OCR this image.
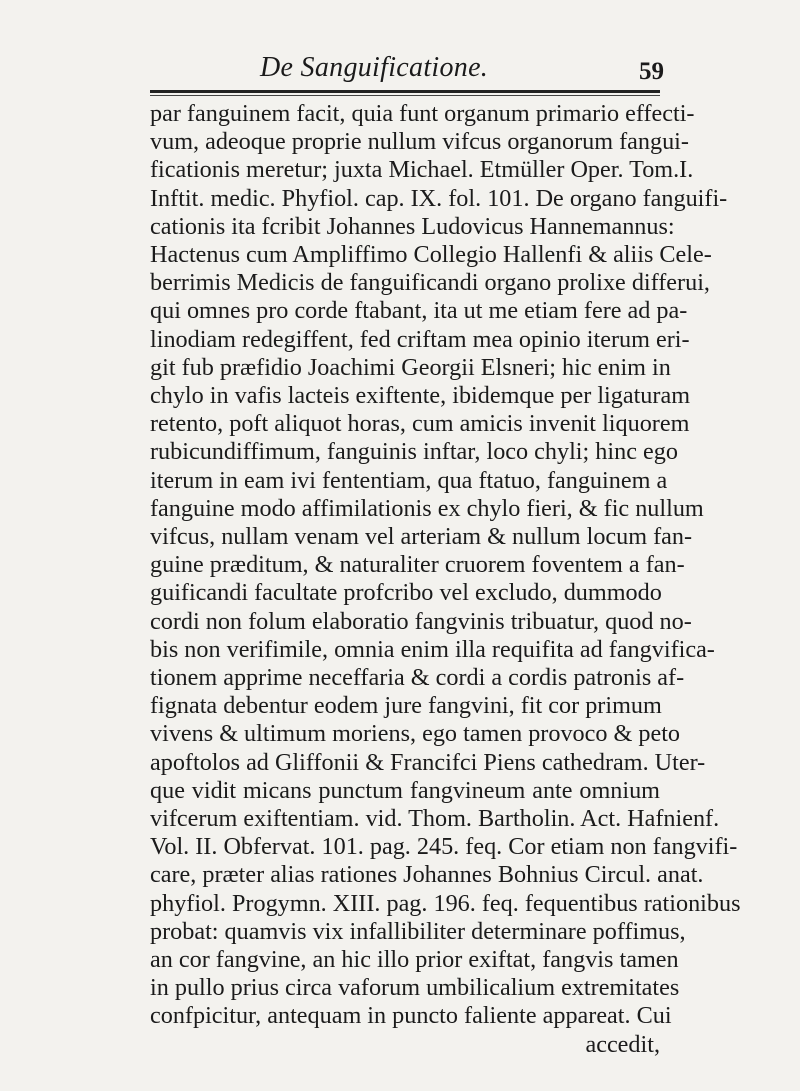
De Sanguificatione.	59
par fanguinem facit, quia funt organum primario effecti-
vum, adeoque proprie nullum vifcus organorum fangui-
ficationis meretur; juxta Michael. Etmüller Oper. Tom.I.
Inftit. medic. Phyfiol. cap. IX. fol. 101. De organo fanguifi-
cationis ita fcribit Johannes Ludovicus Hannemannus:
Hactenus cum Ampliffimo Collegio Hallenfi & aliis Cele-
berrimis Medicis de fanguificandi organo prolixe differui,
qui omnes pro corde ftabant, ita ut me etiam fere ad pa-
linodiam redegiffent, fed criftam mea opinio iterum eri-
git fub præfidio Joachimi Georgii Elsneri; hic enim in
chylo in vafis lacteis exiftente, ibidemque per ligaturam
retento, poft aliquot horas, cum amicis invenit liquorem
rubicundiffimum, fanguinis inftar, loco chyli; hinc ego
iterum in eam ivi fententiam, qua ftatuo, fanguinem a
fanguine modo affimilationis ex chylo fieri, & fic nullum
vifcus, nullam venam vel arteriam & nullum locum fan-
guine præditum, & naturaliter cruorem foventem a fan-
guificandi facultate profcribo vel excludo, dummodo
cordi non folum elaboratio fangvinis tribuatur, quod no-
bis non verifimile, omnia enim illa requifita ad fangvifica-
tionem apprime neceffaria & cordi a cordis patronis af-
fignata debentur eodem jure fangvini, fit cor primum
vivens & ultimum moriens, ego tamen provoco & peto
apoftolos ad Gliffonii & Francifci Piens cathedram. Uter-
que vidit micans punctum fangvineum ante omnium
vifcerum exiftentiam. vid. Thom. Bartholin. Act. Hafnienf.
Vol. II. Obfervat. 101. pag. 245. feq. Cor etiam non fangvifi-
care, præter alias rationes Johannes Bohnius Circul. anat.
phyfiol. Progymn. XIII. pag. 196. feq. fequentibus rationibus
probat: quamvis vix infallibiliter determinare poffimus,
an cor fangvine, an hic illo prior exiftat, fangvis tamen
in pullo prius circa vaforum umbilicalium extremitates
confpicitur, antequam in puncto faliente appareat. Cui
accedit,
